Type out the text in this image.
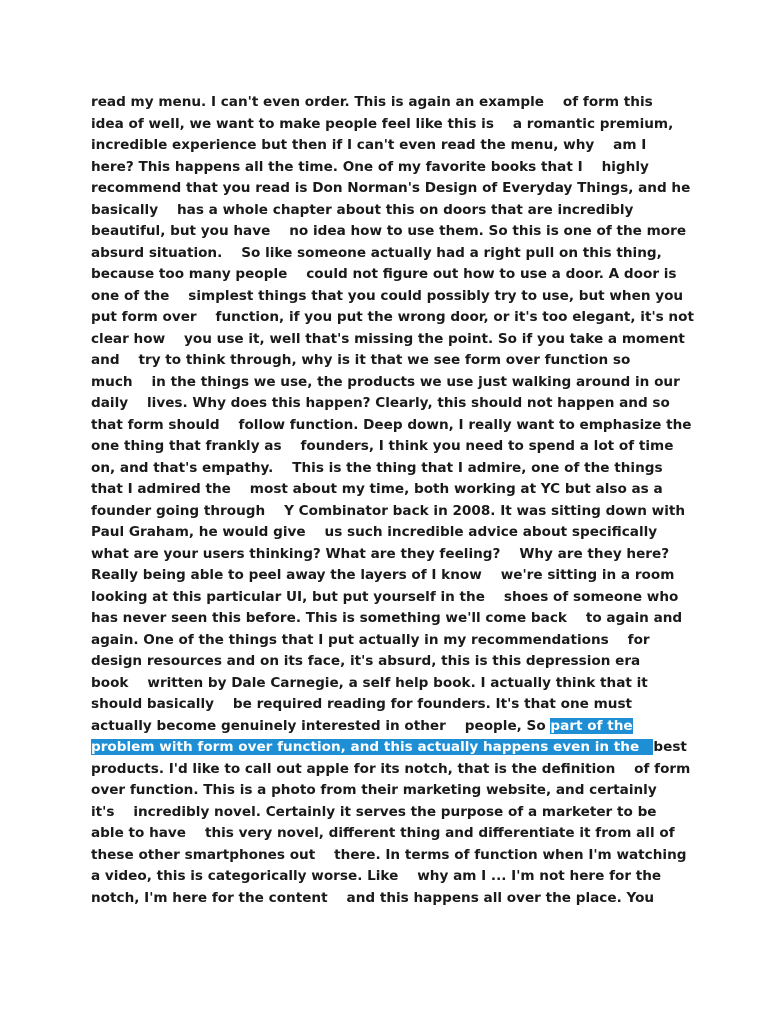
read my menu. I can't even order. This is again an example    of form this
idea of well, we want to make people feel like this is    a romantic premium,
incredible experience but then if I can't even read the menu, why    am I
here? This happens all the time. One of my favorite books that I    highly
recommend that you read is Don Norman's Design of Everyday Things, and he
basically    has a whole chapter about this on doors that are incredibly
beautiful, but you have    no idea how to use them. So this is one of the more
absurd situation.    So like someone actually had a right pull on this thing,
because too many people    could not figure out how to use a door. A door is
one of the    simplest things that you could possibly try to use, but when you
put form over    function, if you put the wrong door, or it's too elegant, it's not
clear how    you use it, well that's missing the point. So if you take a moment
and    try to think through, why is it that we see form over function so
much    in the things we use, the products we use just walking around in our
daily    lives. Why does this happen? Clearly, this should not happen and so
that form should    follow function. Deep down, I really want to emphasize the
one thing that frankly as    founders, I think you need to spend a lot of time
on, and that's empathy.    This is the thing that I admire, one of the things
that I admired the    most about my time, both working at YC but also as a
founder going through    Y Combinator back in 2008. It was sitting down with
Paul Graham, he would give    us such incredible advice about specifically
what are your users thinking? What are they feeling?    Why are they here?
Really being able to peel away the layers of I know    we're sitting in a room
looking at this particular UI, but put yourself in the    shoes of someone who
has never seen this before. This is something we'll come back    to again and
again. One of the things that I put actually in my recommendations    for
design resources and on its face, it's absurd, this is this depression era
book    written by Dale Carnegie, a self help book. I actually think that it
should basically    be required reading for founders. It's that one must
actually become genuinely interested in other    people, So part of the
problem with form over function, and this actually happens even in the   best
products. I'd like to call out apple for its notch, that is the definition    of form
over function. This is a photo from their marketing website, and certainly
it's    incredibly novel. Certainly it serves the purpose of a marketer to be
able to have    this very novel, different thing and differentiate it from all of
these other smartphones out    there. In terms of function when I'm watching
a video, this is categorically worse. Like    why am I ... I'm not here for the
notch, I'm here for the content    and this happens all over the place. You
